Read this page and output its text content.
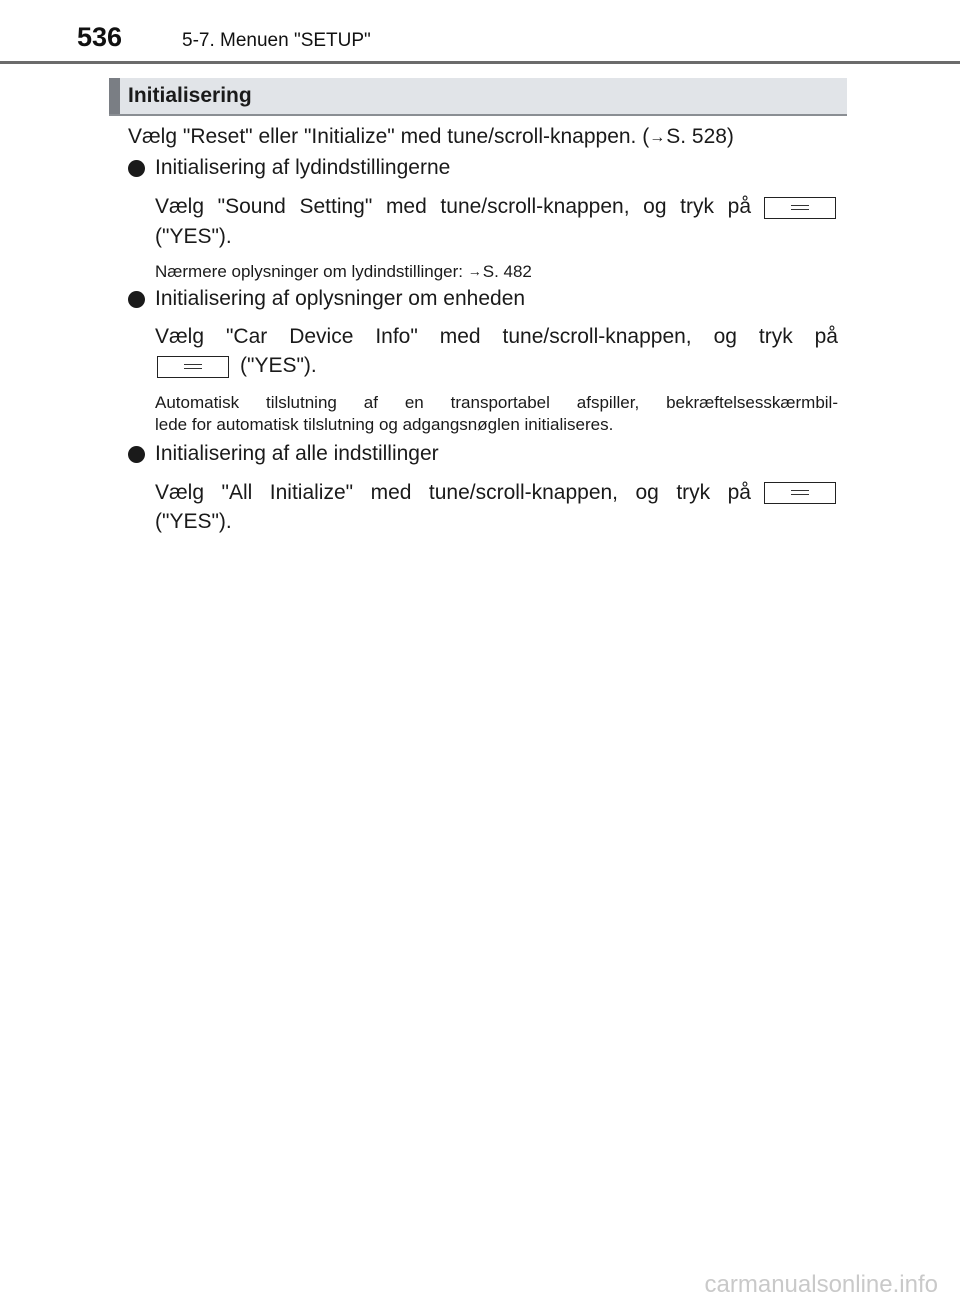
536	5-7. Menuen "SETUP"
Initialisering
Vælg "Reset" eller "Initialize" med tune/scroll-knappen. (→S. 528)
Initialisering af lydindstillingerne
Vælg "Sound Setting" med tune/scroll-knappen, og tryk på
("YES").
Nærmere oplysninger om lydindstillinger: →S. 482
Initialisering af oplysninger om enheden
Vælg "Car Device Info" med tune/scroll-knappen, og tryk på
("YES").
Automatisk tilslutning af en transportabel afspiller, bekræftelsesskærmbil-
lede for automatisk tilslutning og adgangsnøglen initialiseres.
Initialisering af alle indstillinger
Vælg "All Initialize" med tune/scroll-knappen, og tryk på
("YES").
carmanualsonline.info
